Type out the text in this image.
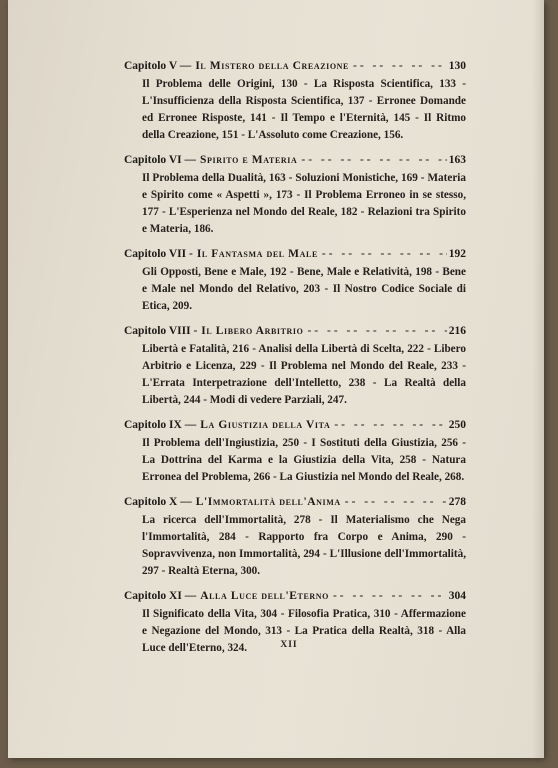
Capitolo V — Il Mistero della Creazione -- --	130
Il Problema delle Origini, 130 - La Risposta Scientifica, 133 - L'Insufficienza della Risposta Scientifica, 137 - Erronee Domande ed Erronee Risposte, 141 - Il Tempo e l'Eternità, 145 - Il Ritmo della Creazione, 151 - L'Assoluto come Creazione, 156.
Capitolo VI — Spirito e Materia -- --	163
Il Problema della Dualità, 163 - Soluzioni Monistiche, 169 - Materia e Spirito come « Aspetti », 173 - Il Problema Erroneo in se stesso, 177 - L'Esperienza nel Mondo del Reale, 182 - Relazioni tra Spirito e Materia, 186.
Capitolo VII - Il Fantasma del Male -- --	192
Gli Opposti, Bene e Male, 192 - Bene, Male e Relatività, 198 - Bene e Male nel Mondo del Relativo, 203 - Il Nostro Codice Sociale di Etica, 209.
Capitolo VIII - Il Libero Arbitrio -- --	216
Libertà e Fatalità, 216 - Analisi della Libertà di Scelta, 222 - Libero Arbitrio e Licenza, 229 - Il Problema nel Mondo del Reale, 233 - L'Errata Interpetrazione dell'Intelletto, 238 - La Realtà della Libertà, 244 - Modi di vedere Parziali, 247.
Capitolo IX — La Giustizia della Vita -- --	250
Il Problema dell'Ingiustizia, 250 - I Sostituti della Giustizia, 256 - La Dottrina del Karma e la Giustizia della Vita, 258 - Natura Erronea del Problema, 266 - La Giustizia nel Mondo del Reale, 268.
Capitolo X — L'Immortalità dell'Anima -- --	278
La ricerca dell'Immortalità, 278 - Il Materialismo che Nega l'Immortalità, 284 - Rapporto fra Corpo e Anima, 290 - Sopravvivenza, non Immortalità, 294 - L'Illusione dell'Immortalità, 297 - Realtà Eterna, 300.
Capitolo XI — Alla Luce dell'Eterno -- --	304
Il Significato della Vita, 304 - Filosofia Pratica, 310 - Affermazione e Negazione del Mondo, 313 - La Pratica della Realtà, 318 - Alla Luce dell'Eterno, 324.	XII
